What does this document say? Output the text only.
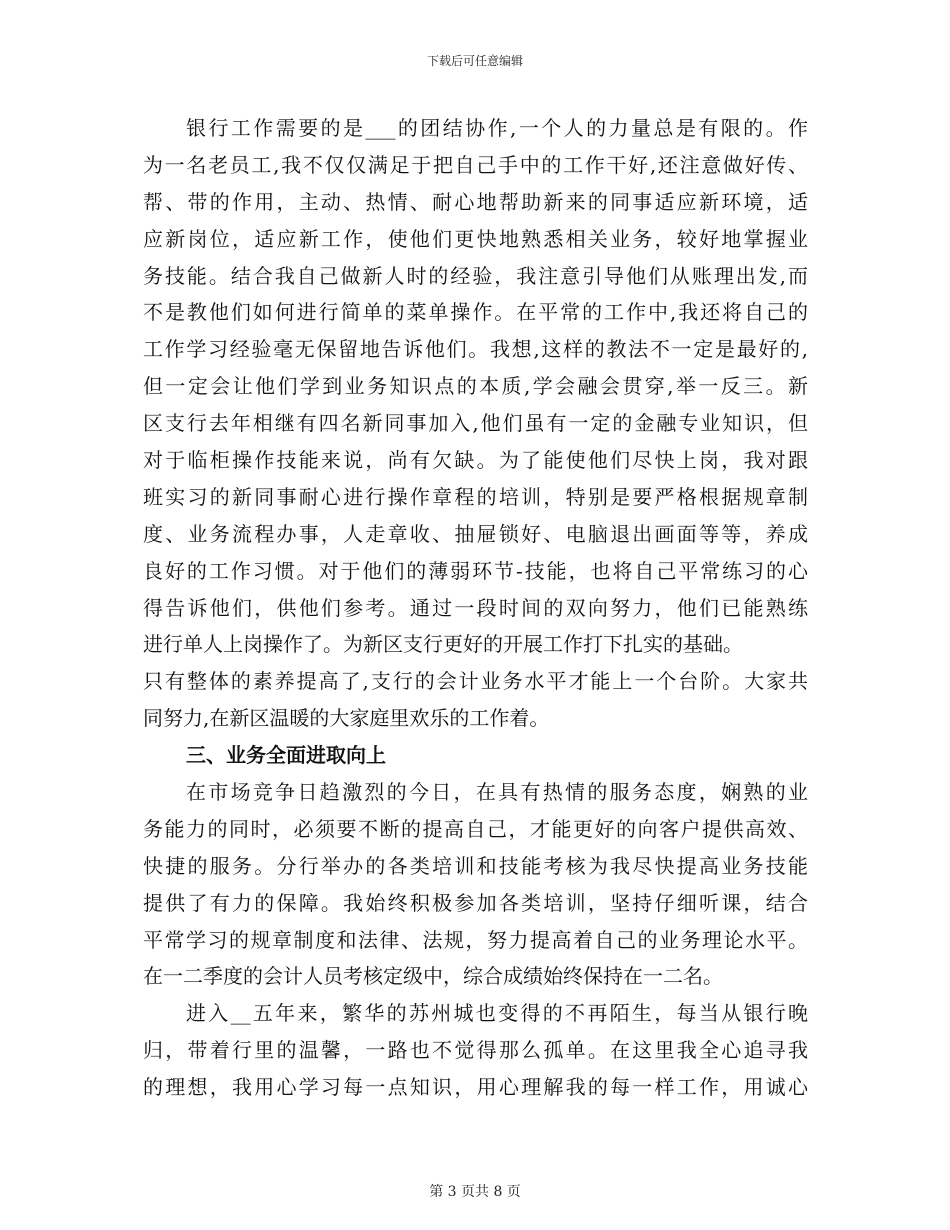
下载后可任意编辑
银行工作需要的是___的团结协作,一个人的力量总是有限的。作
为一名老员工,我不仅仅满足于把自己手中的工作干好,还注意做好传、
帮、带的作用，主动、热情、耐心地帮助新来的同事适应新环境，适
应新岗位，适应新工作，使他们更快地熟悉相关业务，较好地掌握业
务技能。结合我自己做新人时的经验，我注意引导他们从账理出发,而
不是教他们如何进行简单的菜单操作。在平常的工作中,我还将自己的
工作学习经验毫无保留地告诉他们。我想,这样的教法不一定是最好的,
但一定会让他们学到业务知识点的本质,学会融会贯穿,举一反三。新
区支行去年相继有四名新同事加入,他们虽有一定的金融专业知识，但
对于临柜操作技能来说，尚有欠缺。为了能使他们尽快上岗，我对跟
班实习的新同事耐心进行操作章程的培训，特别是要严格根据规章制
度、业务流程办事，人走章收、抽屉锁好、电脑退出画面等等，养成
良好的工作习惯。对于他们的薄弱环节-技能，也将自己平常练习的心
得告诉他们，供他们参考。通过一段时间的双向努力，他们已能熟练
进行单人上岗操作了。为新区支行更好的开展工作打下扎实的基础。
只有整体的素养提高了,支行的会计业务水平才能上一个台阶。大家共
同努力,在新区温暖的大家庭里欢乐的工作着。
三、业务全面进取向上
在市场竞争日趋激烈的今日，在具有热情的服务态度，娴熟的业
务能力的同时，必须要不断的提高自己，才能更好的向客户提供高效、
快捷的服务。分行举办的各类培训和技能考核为我尽快提高业务技能
提供了有力的保障。我始终积极参加各类培训，坚持仔细听课，结合
平常学习的规章制度和法律、法规，努力提高着自己的业务理论水平。
在一二季度的会计人员考核定级中，综合成绩始终保持在一二名。
进入__五年来，繁华的苏州城也变得的不再陌生，每当从银行晚
归，带着行里的温馨，一路也不觉得那么孤单。在这里我全心追寻我
的理想，我用心学习每一点知识，用心理解我的每一样工作，用诚心
第 3 页共 8 页
